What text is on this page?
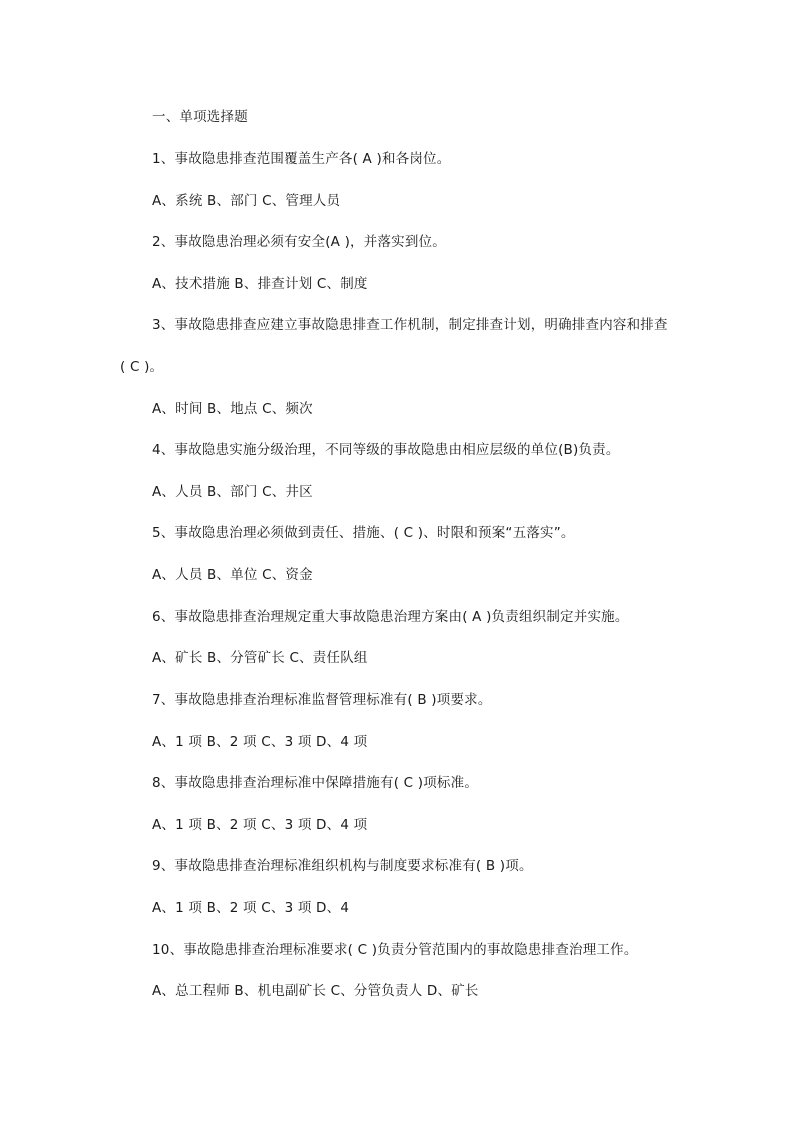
一、单项选择题
1、事故隐患排查范围覆盖生产各( A )和各岗位。
A、系统 B、部门 C、管理人员
2、事故隐患治理必须有安全(A )，并落实到位。
A、技术措施 B、排查计划 C、制度
3、事故隐患排查应建立事故隐患排查工作机制，制定排查计划，明确排查内容和排查
( C )。
A、时间 B、地点 C、频次
4、事故隐患实施分级治理，不同等级的事故隐患由相应层级的单位(B)负责。
A、人员 B、部门 C、井区
5、事故隐患治理必须做到责任、措施、( C )、时限和预案“五落实”。
A、人员 B、单位 C、资金
6、事故隐患排查治理规定重大事故隐患治理方案由( A )负责组织制定并实施。
A、矿长 B、分管矿长 C、责任队组
7、事故隐患排查治理标准监督管理标准有( B )项要求。
A、1 项 B、2 项 C、3 项 D、4 项
8、事故隐患排查治理标准中保障措施有( C )项标准。
A、1 项 B、2 项 C、3 项 D、4 项
9、事故隐患排查治理标准组织机构与制度要求标准有( B )项。
A、1 项 B、2 项 C、3 项 D、4
10、事故隐患排查治理标准要求( C )负责分管范围内的事故隐患排查治理工作。
A、总工程师 B、机电副矿长 C、分管负责人 D、矿长
